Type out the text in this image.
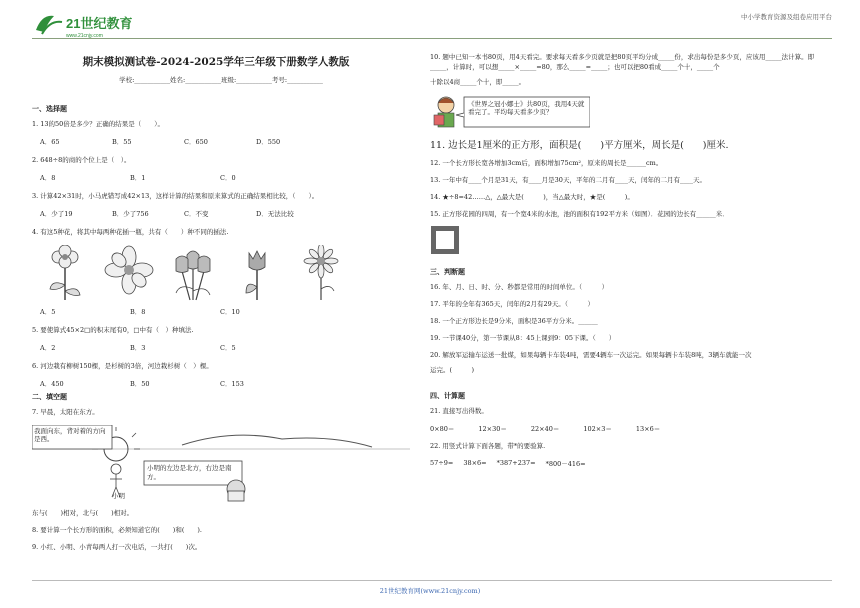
21世纪教育
www.21cnjy.com
中小学教育资源及组卷应用平台
期末模拟测试卷-2024-2025学年三年级下册数学人教版
学校:___________姓名:___________班级:___________考号:___________
一、选择题
1. 13的50倍是多少？正确的结果是（　　）。
A．65	B．55	C．650	D．550
2. 648÷8的商的个位上是（　）。
A．8	B．1	C．0
3. 计算42×31时，小马虎错写成42×13，这样计算的结果和原来算式的正确结果相比较，（　　）。
A．少了19	B．少了756	C．不变	D．无法比较
4. 有这5种花，将其中每两种花插一瓶，共有（　　）种不同的插法.
A．5	B．8	C．10
5. 要使算式45×2□的积末尾有0，□中有（　）种填法.
A．2	B．3	C．5
6. 河边栽有柳树150棵，是杉树的3倍，河边栽杉树（　）棵。
A．450	B．50	C．153
二、填空题
7. 早晨，太阳在东方。
我面向东，背对着的方向是西。
小明
小明的左边是北方，右边是南方。
东与(　　)相对，北与(　　)相对。
8. 要计算一个长方形的面积，必须知道它的(　　)和(　　).
9. 小红、小明、小青每两人打一次电话，一共打(　　)次。
10. 题中已知一本书80页，用4天看完。要求每天看多少页就是把80页平均分成_____份，求出每份是多少页，应该用_____法计算。即_____，计算时，可以想_____×_____=80，那么_____=_____；也可以把80看成_____个十，_____个
十除以4商_____个十，即_____。
《世界之冠小娜士》共80页，我用4天就看完了。平均每天看多少页？
11. 边长是1厘米的正方形，面积是(　　)平方厘米，周长是(　　)厘米.
12. 一个长方形长宽各增加3cm后，面积增加75cm²，原来的周长是______cm。
13. 一年中有____个月是31天，有____月是30天，平年的二月有____天，闰年的二月有____天。
14. ★÷8=42……△，△最大是(　　　)，当△最大时，★是(　　　)。
15. 正方形花园的四周，有一个宽4米的水池，池的面积有192平方米（如图）．花园的边长有______米．
三、判断题
16. 年、月、日、时、分、秒都是常用的时间单位。（　　　）
17. 平年的全年有365天，闰年的2月有29天。（　　　）
18. 一个正方形边长是9分米，面积是36平方分米。______
19. 一节课40分，第一节课从8：45上课到9：05下课。（　　）
20. 解放军运输车运送一批煤，如果每辆卡车装4吨，需要4辆车一次运完。如果每辆卡车装8吨，3辆车就能一次
运完。(　　　)
四、计算题
21. 直接写出得数。
0×80＝	12×30＝	22×40＝	102×3＝	13×6＝
22. 用竖式计算下面各题，带*的要验算.
57÷9= 38×6= *387+237= *800－416=
21世纪教育网(www.21cnjy.com)
